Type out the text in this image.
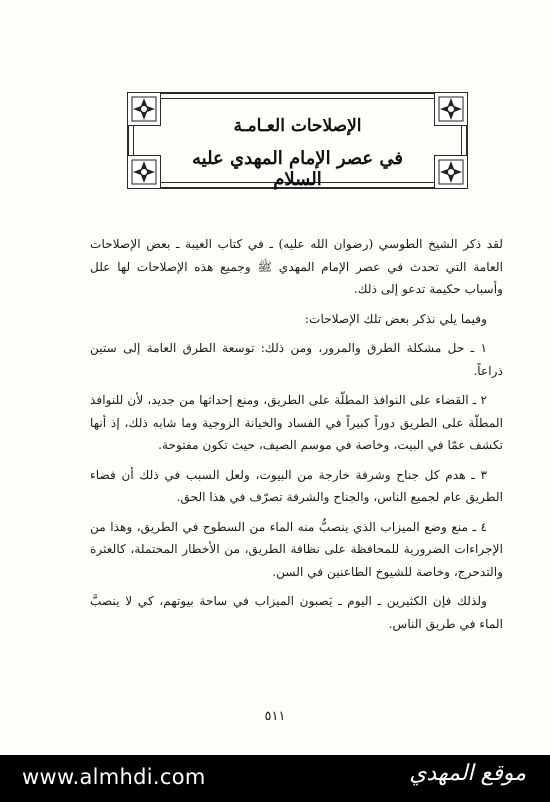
الإصلاحات العـامـة
في عصر الإمام المهدي عليه السلام

لقد ذكر الشيخ الطوسي (رضوان الله عليه) ـ في كتاب الغيبة ـ بعض الإصلاحات العامة التي تحدث في عصر الإمام المهدي ﷺ وجميع هذه الإصلاحات لها علل وأسباب حكيمة تدعو إلى ذلك.

وفيما يلي نذكر بعض تلك الإصلاحات:

١ ـ حل مشكلة الطرق والمرور، ومن ذلك: توسعة الطرق العامة إلى ستين ذراعاً.

٢ ـ القضاء على النوافذ المطلّة على الطريق، ومنع إحداثها من جديد، لأن للنوافذ المطلّة على الطريق دوراً كبيراً في الفساد والخيانة الزوجية وما شابه ذلك، إذ أنها تكشف عمّا في البيت، وخاصة في موسم الصيف، حيث تكون مفتوحة.

٣ ـ هدم كل جناح وشرفة خارجة من البيوت، ولعل السبب في ذلك أن فضاء الطريق عام لجميع الناس، والجناح والشرفة تصرّف في هذا الحق.

٤ ـ منع وضع الميزاب الذي ينصبُّ منه الماء من السطوح في الطريق، وهذا من الإجراءات الضرورية للمحافظة على نظافة الطريق، من الأخطار المحتملة، كالعثرة والتدحرج، وخاصة للشيوخ الطاعنين في السن.

ولذلك فإن الكثيرين ـ اليوم ـ يَصبون الميزاب في ساحة بيوتهم، كي لا ينصبَّ الماء في طريق الناس.

٥١١
www.almhdi.com	موقع المهدي
